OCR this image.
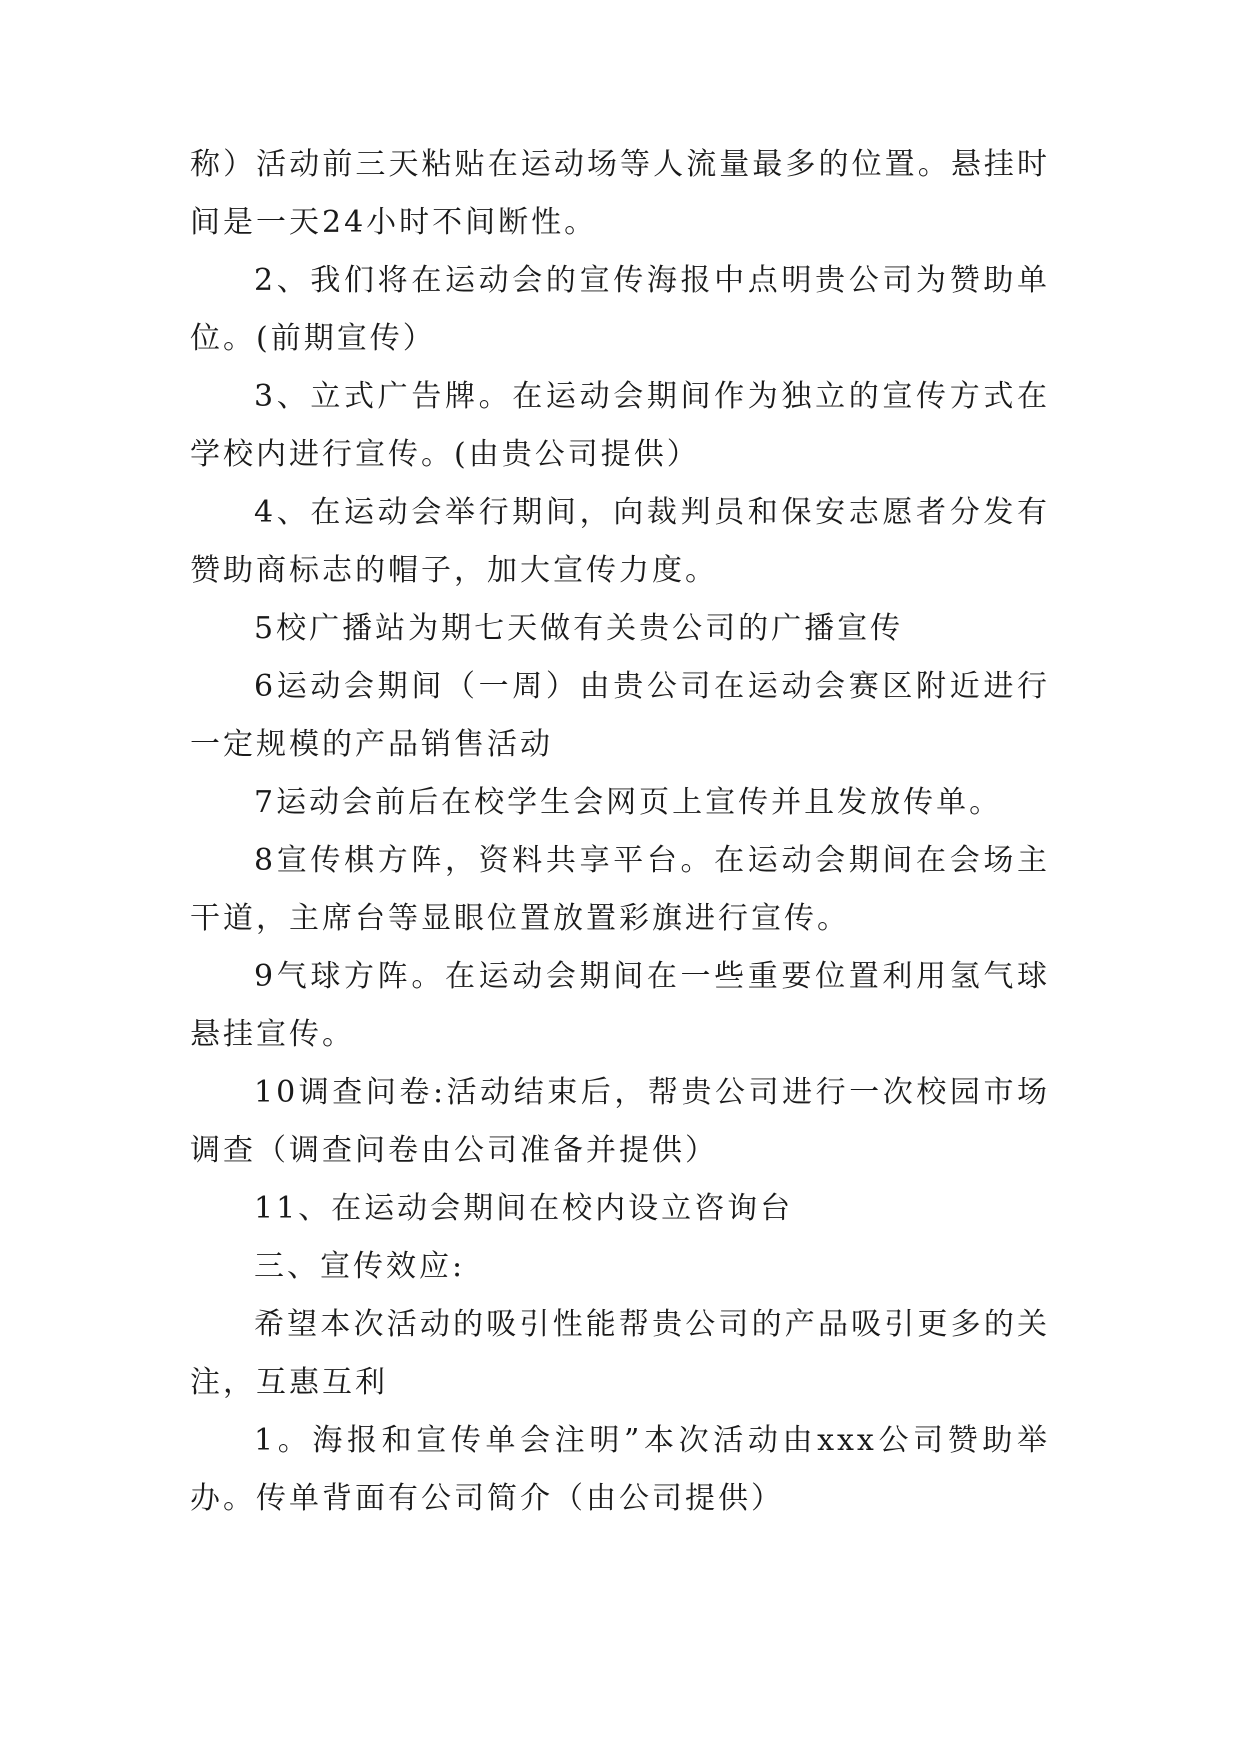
称）活动前三天粘贴在运动场等人流量最多的位置。悬挂时间是一天24小时不间断性。

2、我们将在运动会的宣传海报中点明贵公司为赞助单位。(前期宣传）

3、立式广告牌。在运动会期间作为独立的宣传方式在学校内进行宣传。(由贵公司提供）

4、在运动会举行期间，向裁判员和保安志愿者分发有赞助商标志的帽子，加大宣传力度。

5校广播站为期七天做有关贵公司的广播宣传

6运动会期间（一周）由贵公司在运动会赛区附近进行一定规模的产品销售活动

7运动会前后在校学生会网页上宣传并且发放传单。

8宣传棋方阵，资料共享平台。在运动会期间在会场主干道，主席台等显眼位置放置彩旗进行宣传。

9气球方阵。在运动会期间在一些重要位置利用氢气球悬挂宣传。

10调查问卷:活动结束后，帮贵公司进行一次校园市场调查（调查问卷由公司准备并提供）

11、在运动会期间在校内设立咨询台

三、宣传效应:

希望本次活动的吸引性能帮贵公司的产品吸引更多的关注，互惠互利

1。海报和宣传单会注明”本次活动由xxx公司赞助举办。传单背面有公司简介（由公司提供）
